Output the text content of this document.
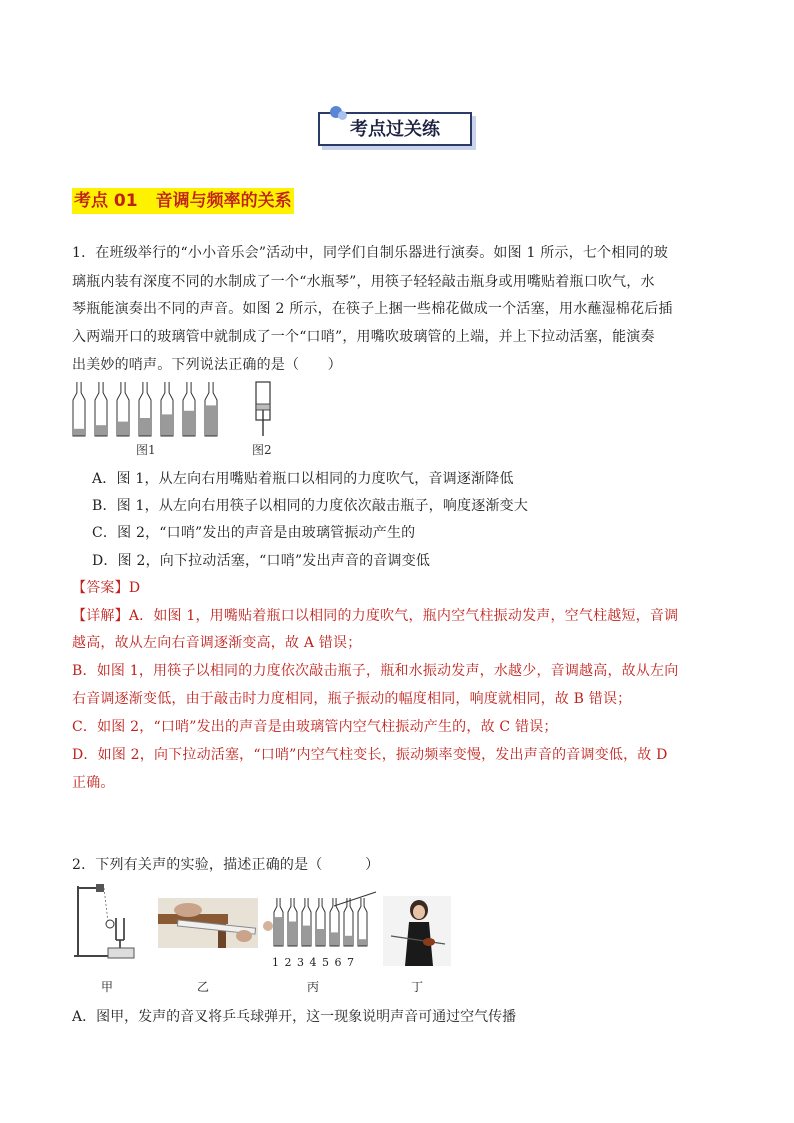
考点过关练
考点 01 音调与频率的关系
1．在班级举行的“小小音乐会”活动中，同学们自制乐器进行演奏。如图 1 所示，七个相同的玻
璃瓶内装有深度不同的水制成了一个“水瓶琴”，用筷子轻轻敲击瓶身或用嘴贴着瓶口吹气，水
琴瓶能演奏出不同的声音。如图 2 所示，在筷子上捆一些棉花做成一个活塞，用水蘸湿棉花后插
入两端开口的玻璃管中就制成了一个“口哨”，用嘴吹玻璃管的上端，并上下拉动活塞，能演奏
出美妙的哨声。下列说法正确的是（　　）
图1	图2
A．图 1，从左向右用嘴贴着瓶口以相同的力度吹气，音调逐渐降低
B．图 1，从左向右用筷子以相同的力度依次敲击瓶子，响度逐渐变大
C．图 2，“口哨”发出的声音是由玻璃管振动产生的
D．图 2，向下拉动活塞，“口哨”发出声音的音调变低
【答案】D
【详解】A．如图 1，用嘴贴着瓶口以相同的力度吹气，瓶内空气柱振动发声，空气柱越短，音调
越高，故从左向右音调逐渐变高，故 A 错误；
B．如图 1，用筷子以相同的力度依次敲击瓶子，瓶和水振动发声，水越少，音调越高，故从左向
右音调逐渐变低，由于敲击时力度相同，瓶子振动的幅度相同，响度就相同，故 B 错误；
C．如图 2，“口哨”发出的声音是由玻璃管内空气柱振动产生的，故 C 错误；
D．如图 2，向下拉动活塞，“口哨”内空气柱变长，振动频率变慢，发出声音的音调变低，故 D
正确。
2．下列有关声的实验，描述正确的是（　　　）
1234567
甲	乙	丙	丁
A．图甲，发声的音叉将乒乓球弹开，这一现象说明声音可通过空气传播
